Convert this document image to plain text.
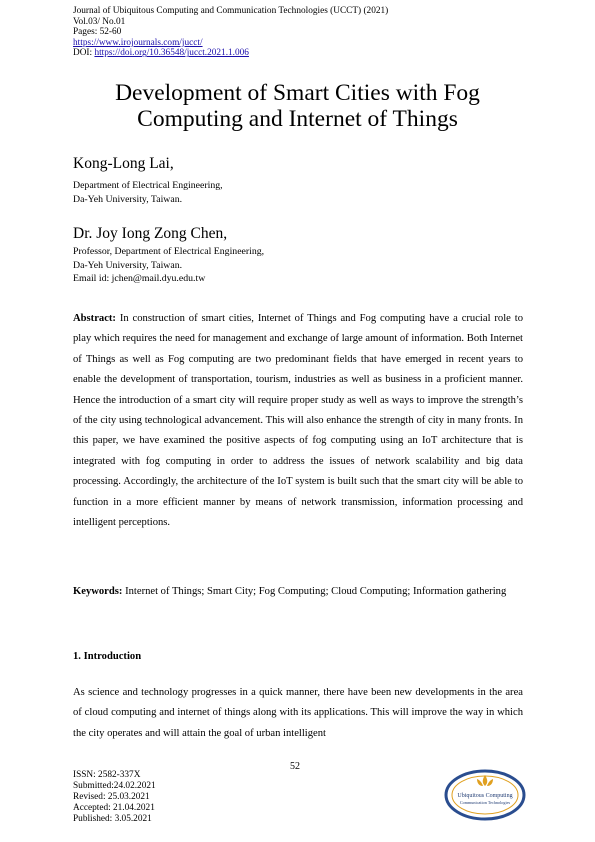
Journal of Ubiquitous Computing and Communication Technologies (UCCT) (2021)
Vol.03/ No.01
Pages: 52-60
https://www.irojournals.com/jucct/
DOI: https://doi.org/10.36548/jucct.2021.1.006
Development of Smart Cities with Fog
Computing and Internet of Things
Kong-Long Lai,
Department of Electrical Engineering,
Da-Yeh University, Taiwan.
Dr. Joy Iong Zong Chen,
Professor, Department of Electrical Engineering,
Da-Yeh University, Taiwan.
Email id: jchen@mail.dyu.edu.tw
Abstract: In construction of smart cities, Internet of Things and Fog computing have a crucial role to play which requires the need for management and exchange of large amount of information. Both Internet of Things as well as Fog computing are two predominant fields that have emerged in recent years to enable the development of transportation, tourism, industries as well as business in a proficient manner. Hence the introduction of a smart city will require proper study as well as ways to improve the strength’s of the city using technological advancement. This will also enhance the strength of city in many fronts. In this paper, we have examined the positive aspects of fog computing using an IoT architecture that is integrated with fog computing in order to address the issues of network scalability and big data processing. Accordingly, the architecture of the IoT system is built such that the smart city will be able to function in a more efficient manner by means of network transmission, information processing and intelligent perceptions.
Keywords: Internet of Things; Smart City; Fog Computing; Cloud Computing; Information gathering
1. Introduction
As science and technology progresses in a quick manner, there have been new developments in the area of cloud computing and internet of things along with its applications. This will improve the way in which the city operates and will attain the goal of urban intelligent
52
ISSN: 2582-337X
Submitted:24.02.2021
Revised: 25.03.2021
Accepted: 21.04.2021
Published: 3.05.2021
Ubiquitous Computing
Communication Technologies
